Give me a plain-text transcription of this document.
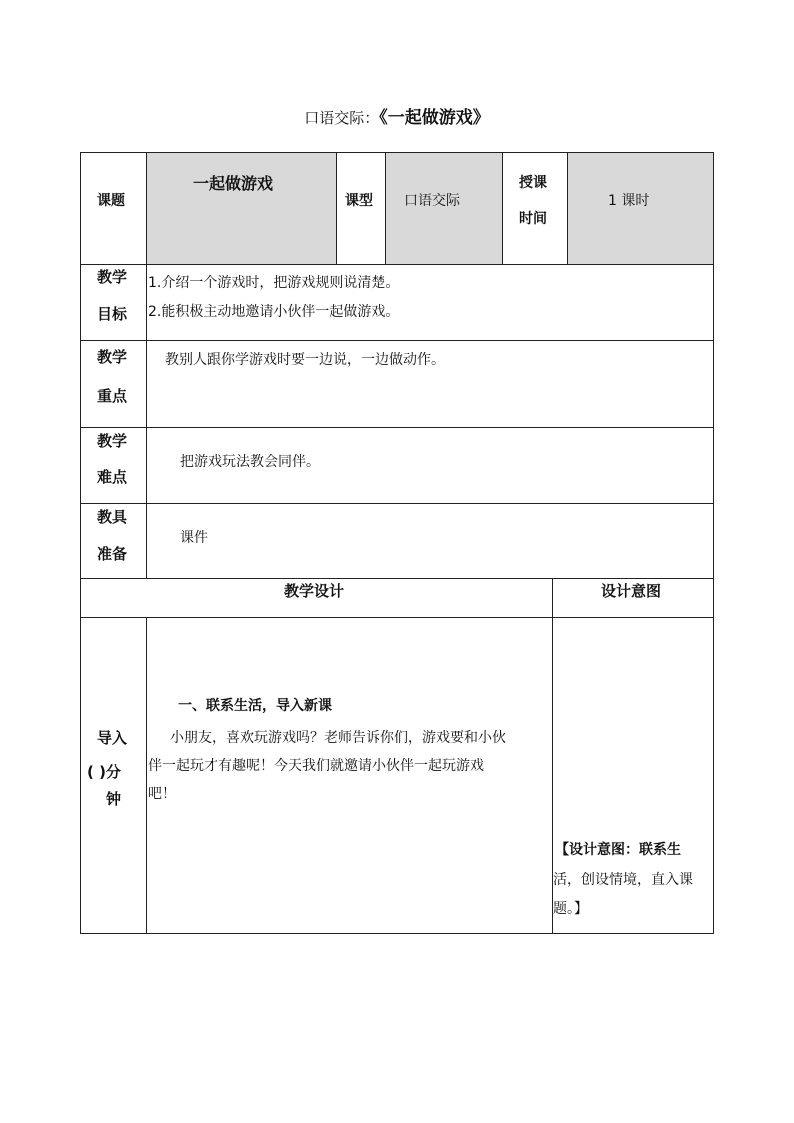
口语交际：《一起做游戏》
课题
一起做游戏
课型 口语交际
授课
时间
1 课时
教学
目标
1.介绍一个游戏时，把游戏规则说清楚。
2.能积极主动地邀请小伙伴一起做游戏。
教学
重点
教别人跟你学游戏时要一边说，一边做动作。
教学
难点
把游戏玩法教会同伴。
教具
准备
课件
教学设计	设计意图
导入
( )分
钟
一、联系生活，导入新课
小朋友，喜欢玩游戏吗？老师告诉你们，游戏要和小伙
伴一起玩才有趣呢！今天我们就邀请小伙伴一起玩游戏
吧！
【设计意图：联系生
活，创设情境，直入课
题。】
